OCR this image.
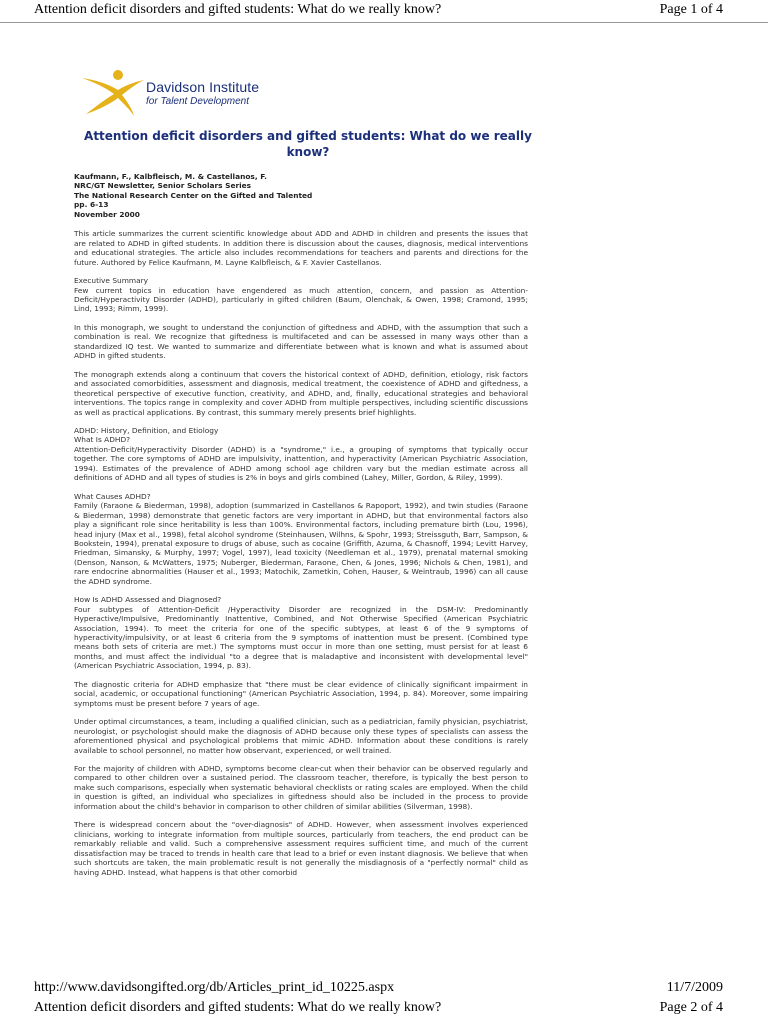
Attention deficit disorders and gifted students: What do we really know?	Page 1 of 4
Davidson Institute
for Talent Development
Attention deficit disorders and gifted students: What do we really know?
Kaufmann, F., Kalbfleisch, M. & Castellanos, F.
NRC/GT Newsletter, Senior Scholars Series
The National Research Center on the Gifted and Talented
pp. 6-13
November 2000

This article summarizes the current scientific knowledge about ADD and ADHD in children and presents the issues that are related to ADHD in gifted students. In addition there is discussion about the causes, diagnosis, medical interventions and educational strategies. The article also includes recommendations for teachers and parents and directions for the future. Authored by Felice Kaufmann, M. Layne Kalbfleisch, & F. Xavier Castellanos.

Executive Summary
Few current topics in education have engendered as much attention, concern, and passion as Attention-Deficit/Hyperactivity Disorder (ADHD), particularly in gifted children (Baum, Olenchak, & Owen, 1998; Cramond, 1995; Lind, 1993; Rimm, 1999).

In this monograph, we sought to understand the conjunction of giftedness and ADHD, with the assumption that such a combination is real. We recognize that giftedness is multifaceted and can be assessed in many ways other than a standardized IQ test. We wanted to summarize and differentiate between what is known and what is assumed about ADHD in gifted students.

The monograph extends along a continuum that covers the historical context of ADHD, definition, etiology, risk factors and associated comorbidities, assessment and diagnosis, medical treatment, the coexistence of ADHD and giftedness, a theoretical perspective of executive function, creativity, and ADHD, and, finally, educational strategies and behavioral interventions. The topics range in complexity and cover ADHD from multiple perspectives, including scientific discussions as well as practical applications. By contrast, this summary merely presents brief highlights.

ADHD: History, Definition, and Etiology
What Is ADHD?
Attention-Deficit/Hyperactivity Disorder (ADHD) is a "syndrome," i.e., a grouping of symptoms that typically occur together. The core symptoms of ADHD are impulsivity, inattention, and hyperactivity (American Psychiatric Association, 1994). Estimates of the prevalence of ADHD among school age children vary but the median estimate across all definitions of ADHD and all types of studies is 2% in boys and girls combined (Lahey, Miller, Gordon, & Riley, 1999).

What Causes ADHD?
Family (Faraone & Biederman, 1998), adoption (summarized in Castellanos & Rapoport, 1992), and twin studies (Faraone & Biederman, 1998) demonstrate that genetic factors are very important in ADHD, but that environmental factors also play a significant role since heritability is less than 100%. Environmental factors, including premature birth (Lou, 1996), head injury (Max et al., 1998), fetal alcohol syndrome (Steinhausen, Wilhns, & Spohr, 1993; Streissguth, Barr, Sampson, & Bookstein, 1994), prenatal exposure to drugs of abuse, such as cocaine (Griffith, Azuma, & Chasnoff, 1994; Levitt Harvey, Friedman, Simansky, & Murphy, 1997; Vogel, 1997), lead toxicity (Needleman et al., 1979), prenatal maternal smoking (Denson, Nanson, & McWatters, 1975; Nuberger, Biederman, Faraone, Chen, & Jones, 1996; Nichols & Chen, 1981), and rare endocrine abnormalities (Hauser et al., 1993; Matochik, Zametkin, Cohen, Hauser, & Weintraub, 1996) can all cause the ADHD syndrome.

How Is ADHD Assessed and Diagnosed?
Four subtypes of Attention-Deficit /Hyperactivity Disorder are recognized in the DSM-IV: Predominantly Hyperactive/Impulsive, Predominantly Inattentive, Combined, and Not Otherwise Specified (American Psychiatric Association, 1994). To meet the criteria for one of the specific subtypes, at least 6 of the 9 symptoms of hyperactivity/impulsivity, or at least 6 criteria from the 9 symptoms of inattention must be present. (Combined type means both sets of criteria are met.) The symptoms must occur in more than one setting, must persist for at least 6 months, and must affect the individual "to a degree that is maladaptive and inconsistent with developmental level" (American Psychiatric Association, 1994, p. 83).

The diagnostic criteria for ADHD emphasize that "there must be clear evidence of clinically significant impairment in social, academic, or occupational functioning" (American Psychiatric Association, 1994, p. 84). Moreover, some impairing symptoms must be present before 7 years of age.

Under optimal circumstances, a team, including a qualified clinician, such as a pediatrician, family physician, psychiatrist, neurologist, or psychologist should make the diagnosis of ADHD because only these types of specialists can assess the aforementioned physical and psychological problems that mimic ADHD. Information about these conditions is rarely available to school personnel, no matter how observant, experienced, or well trained.

For the majority of children with ADHD, symptoms become clear-cut when their behavior can be observed regularly and compared to other children over a sustained period. The classroom teacher, therefore, is typically the best person to make such comparisons, especially when systematic behavioral checklists or rating scales are employed. When the child in question is gifted, an individual who specializes in giftedness should also be included in the process to provide information about the child's behavior in comparison to other children of similar abilities (Silverman, 1998).

There is widespread concern about the "over-diagnosis" of ADHD. However, when assessment involves experienced clinicians, working to integrate information from multiple sources, particularly from teachers, the end product can be remarkably reliable and valid. Such a comprehensive assessment requires sufficient time, and much of the current dissatisfaction may be traced to trends in health care that lead to a brief or even instant diagnosis. We believe that when such shortcuts are taken, the main problematic result is not generally the misdiagnosis of a "perfectly normal" child as having ADHD. Instead, what happens is that other comorbid

http://www.davidsongifted.org/db/Articles_print_id_10225.aspx	11/7/2009
Attention deficit disorders and gifted students: What do we really know?	Page 2 of 4
